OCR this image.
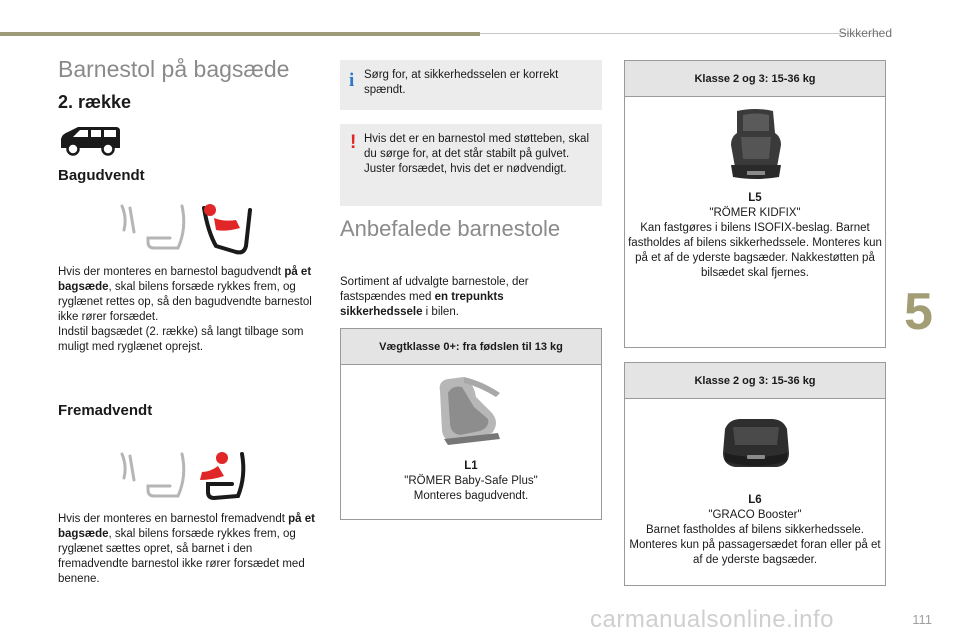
Sikkerhed
5
Barnestol på bagsæde
2. række
Bagudvendt
Hvis der monteres en barnestol bagudvendt på et bagsæde, skal bilens forsæde rykkes frem, og ryglænet rettes op, så den bagudvendte barnestol ikke rører forsædet.
Indstil bagsædet (2. række) så langt tilbage som muligt med ryglænet oprejst.
Fremadvendt
Hvis der monteres en barnestol fremadvendt på et bagsæde, skal bilens forsæde rykkes frem, og ryglænet sættes opret, så barnet i den fremadvendte barnestol ikke rører forsædet med benene.
i Sørg for, at sikkerhedsselen er korrekt spændt.
! Hvis det er en barnestol med støtteben, skal du sørge for, at det står stabilt på gulvet. Juster forsædet, hvis det er nødvendigt.
Anbefalede barnestole
Sortiment af udvalgte barnestole, der fastspændes med en trepunkts sikkerhedssele i bilen.
Vægtklasse 0+: fra fødslen til 13 kg
L1
"RÖMER Baby-Safe Plus"
Monteres bagudvendt.
Klasse 2 og 3: 15-36 kg
L5
"RÖMER KIDFIX"
Kan fastgøres i bilens ISOFIX-beslag. Barnet fastholdes af bilens sikkerhedssele. Monteres kun på et af de yderste bagsæder. Nakkestøtten på bilsædet skal fjernes.
Klasse 2 og 3: 15-36 kg
L6
"GRACO Booster"
Barnet fastholdes af bilens sikkerhedssele. Monteres kun på passagersædet foran eller på et af de yderste bagsæder.
carmanualsonline.info	111
